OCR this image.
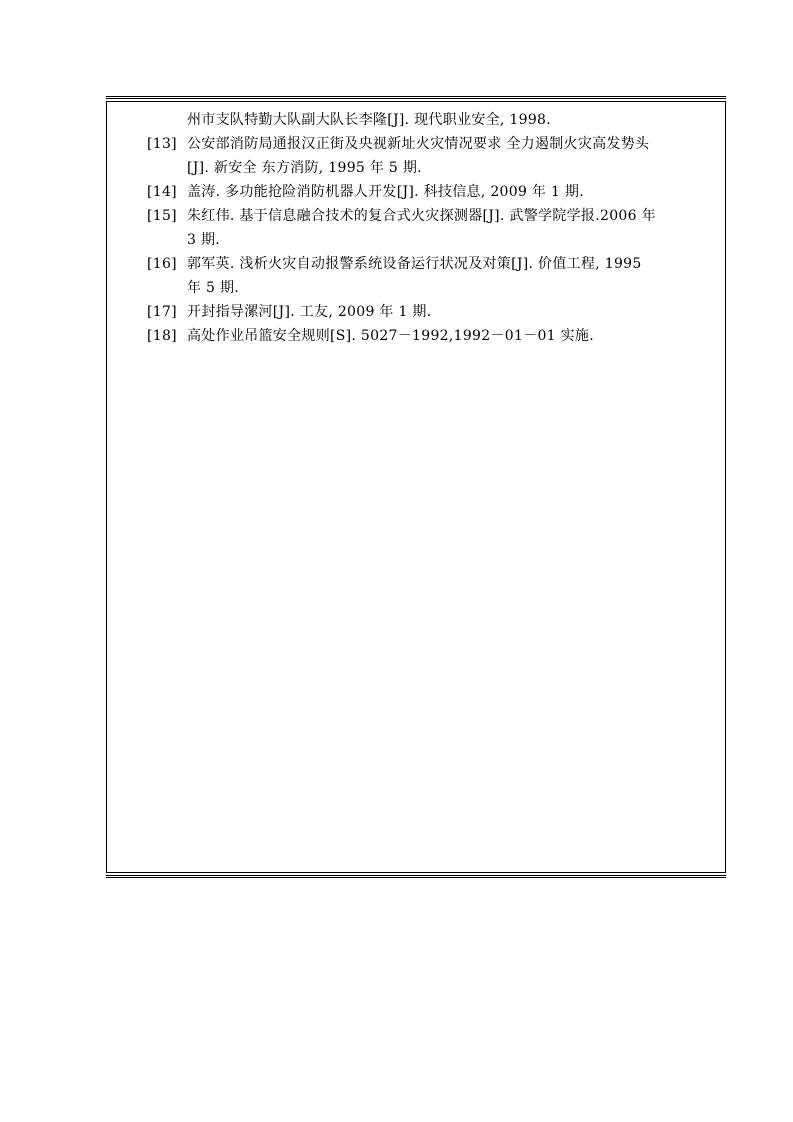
州市支队特勤大队副大队长李隆[J]. 现代职业安全, 1998.
[13] 公安部消防局通报汉正街及央视新址火灾情况要求 全力遏制火灾高发势头
[J]. 新安全 东方消防, 1995 年 5 期.
[14] 盖涛. 多功能抢险消防机器人开发[J]. 科技信息, 2009 年 1 期.
[15] 朱红伟. 基于信息融合技术的复合式火灾探测器[J]. 武警学院学报.2006 年
3 期.
[16] 郭军英. 浅析火灾自动报警系统设备运行状况及对策[J]. 价值工程, 1995
年 5 期.
[17] 开封指导漯河[J]. 工友, 2009 年 1 期.
[18] 高处作业吊篮安全规则[S]. 5027－1992,1992－01－01 实施.
